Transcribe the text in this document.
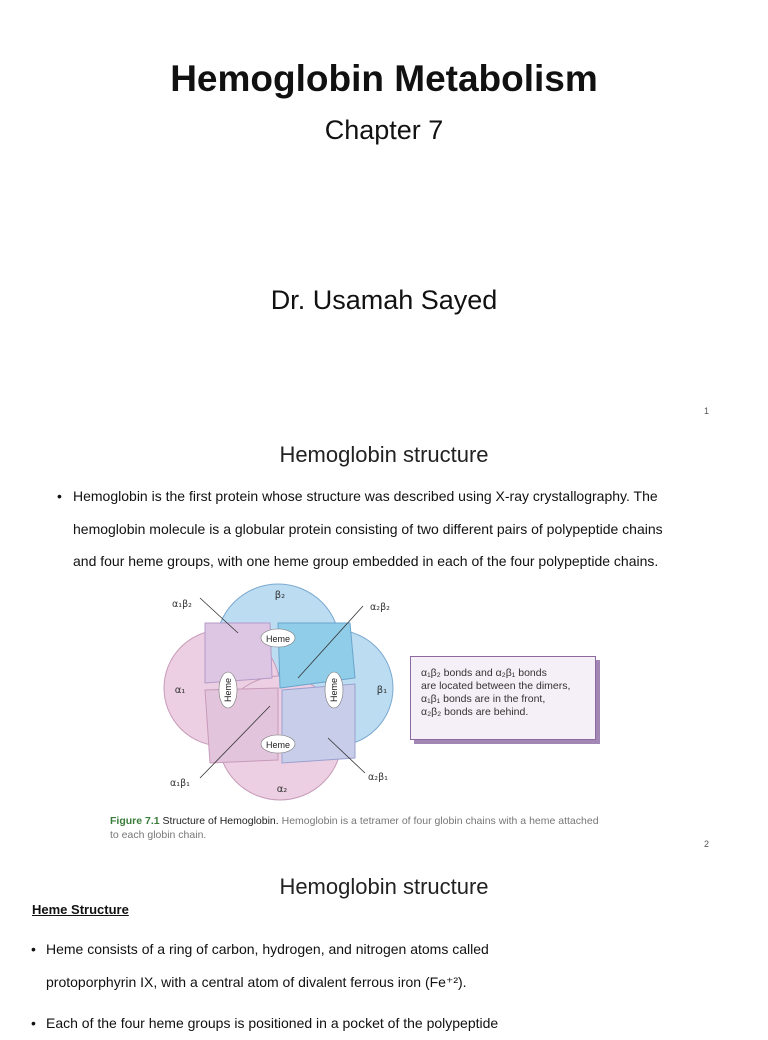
Hemoglobin Metabolism
Chapter 7
Dr. Usamah Sayed
1
Hemoglobin structure
• Hemoglobin is the first protein whose structure was described using X-ray crystallography. The
hemoglobin molecule is a globular protein consisting of two different pairs of polypeptide chains
and four heme groups, with one heme group embedded in each of the four polypeptide chains.
Heme
Heme
Heme	Heme
β₂
α₁	β₁
α₂
α₁β₂	α₂β₂
α₁β₁
α₂β₁
α₁β₂ bonds and α₂β₁ bonds
are located between the dimers,
α₁β₁ bonds are in the front,
α₂β₂ bonds are behind.
Figure 7.1 Structure of Hemoglobin. Hemoglobin is a tetramer of four globin chains with a heme attached
to each globin chain.
2
Hemoglobin structure
Heme Structure
• Heme consists of a ring of carbon, hydrogen, and nitrogen atoms called
protoporphyrin IX, with a central atom of divalent ferrous iron (Fe⁺²).
• Each of the four heme groups is positioned in a pocket of the polypeptide
